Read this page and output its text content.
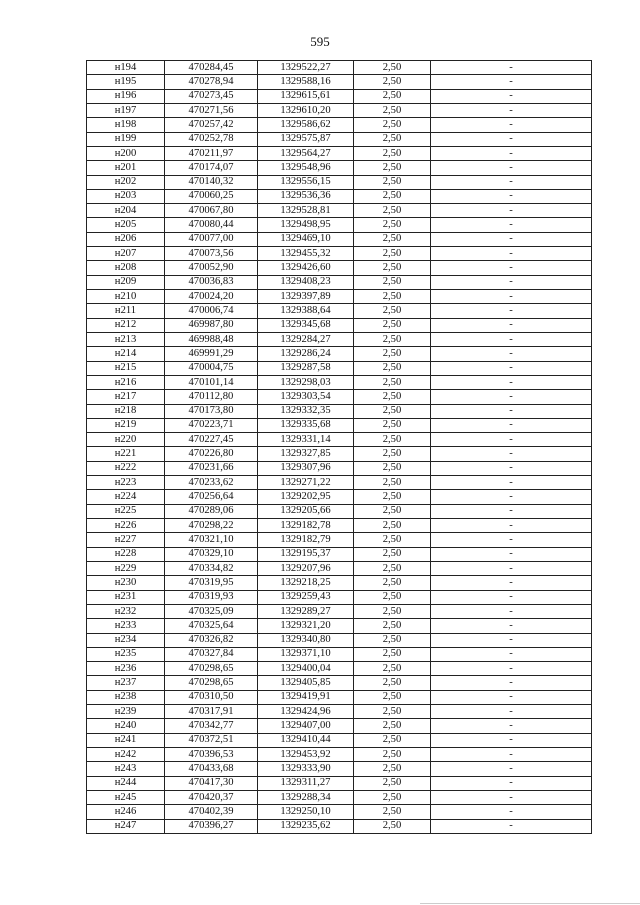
595
н194	470284,45	1329522,27	2,50	-
н195	470278,94	1329588,16	2,50	-
н196	470273,45	1329615,61	2,50	-
н197	470271,56	1329610,20	2,50	-
н198	470257,42	1329586,62	2,50	-
н199	470252,78	1329575,87	2,50	-
н200	470211,97	1329564,27	2,50	-
н201	470174,07	1329548,96	2,50	-
н202	470140,32	1329556,15	2,50	-
н203	470060,25	1329536,36	2,50	-
н204	470067,80	1329528,81	2,50	-
н205	470080,44	1329498,95	2,50	-
н206	470077,00	1329469,10	2,50	-
н207	470073,56	1329455,32	2,50	-
н208	470052,90	1329426,60	2,50	-
н209	470036,83	1329408,23	2,50	-
н210	470024,20	1329397,89	2,50	-
н211	470006,74	1329388,64	2,50	-
н212	469987,80	1329345,68	2,50	-
н213	469988,48	1329284,27	2,50	-
н214	469991,29	1329286,24	2,50	-
н215	470004,75	1329287,58	2,50	-
н216	470101,14	1329298,03	2,50	-
н217	470112,80	1329303,54	2,50	-
н218	470173,80	1329332,35	2,50	-
н219	470223,71	1329335,68	2,50	-
н220	470227,45	1329331,14	2,50	-
н221	470226,80	1329327,85	2,50	-
н222	470231,66	1329307,96	2,50	-
н223	470233,62	1329271,22	2,50	-
н224	470256,64	1329202,95	2,50	-
н225	470289,06	1329205,66	2,50	-
н226	470298,22	1329182,78	2,50	-
н227	470321,10	1329182,79	2,50	-
н228	470329,10	1329195,37	2,50	-
н229	470334,82	1329207,96	2,50	-
н230	470319,95	1329218,25	2,50	-
н231	470319,93	1329259,43	2,50	-
н232	470325,09	1329289,27	2,50	-
н233	470325,64	1329321,20	2,50	-
н234	470326,82	1329340,80	2,50	-
н235	470327,84	1329371,10	2,50	-
н236	470298,65	1329400,04	2,50	-
н237	470298,65	1329405,85	2,50	-
н238	470310,50	1329419,91	2,50	-
н239	470317,91	1329424,96	2,50	-
н240	470342,77	1329407,00	2,50	-
н241	470372,51	1329410,44	2,50	-
н242	470396,53	1329453,92	2,50	-
н243	470433,68	1329333,90	2,50	-
н244	470417,30	1329311,27	2,50	-
н245	470420,37	1329288,34	2,50	-
н246	470402,39	1329250,10	2,50	-
н247	470396,27	1329235,62	2,50	-
